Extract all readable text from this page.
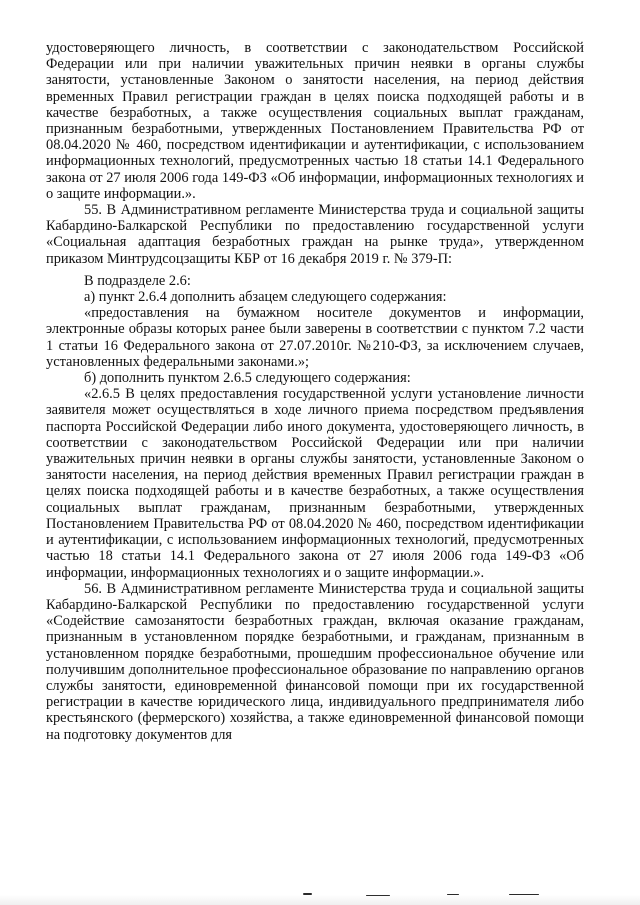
удостоверяющего личность, в соответствии с законодательством Российской Федерации или при наличии уважительных причин неявки в органы службы занятости, установленные Законом о занятости населения, на период действия временных Правил регистрации граждан в целях поиска подходящей работы и в качестве безработных, а также осуществления социальных выплат гражданам, признанным безработными, утвержденных Постановлением Правительства РФ от 08.04.2020 № 460, посредством идентификации и аутентификации, с использованием информационных технологий, предусмотренных частью 18 статьи 14.1 Федерального закона от 27 июля 2006 года 149-ФЗ «Об информации, информационных технологиях и о защите информации.».

55. В Административном регламенте Министерства труда и социальной защиты Кабардино-Балкарской Республики по предоставлению государственной услуги «Социальная адаптация безработных граждан на рынке труда», утвержденном приказом Минтрудсоцзащиты КБР от 16 декабря 2019 г. № 379-П:

В подразделе 2.6:

а) пункт 2.6.4 дополнить абзацем следующего содержания:

«предоставления на бумажном носителе документов и информации, электронные образы которых ранее были заверены в соответствии с пунктом 7.2 части 1 статьи 16 Федерального закона от 27.07.2010г. №210-ФЗ, за исключением случаев, установленных федеральными законами.»;

б) дополнить пунктом 2.6.5 следующего содержания:

«2.6.5 В целях предоставления государственной услуги установление личности заявителя может осуществляться в ходе личного приема посредством предъявления паспорта Российской Федерации либо иного документа, удостоверяющего личность, в соответствии с законодательством Российской Федерации или при наличии уважительных причин неявки в органы службы занятости, установленные Законом о занятости населения, на период действия временных Правил регистрации граждан в целях поиска подходящей работы и в качестве безработных, а также осуществления социальных выплат гражданам, признанным безработными, утвержденных Постановлением Правительства РФ от 08.04.2020 № 460, посредством идентификации и аутентификации, с использованием информационных технологий, предусмотренных частью 18 статьи 14.1 Федерального закона от 27 июля 2006 года 149-ФЗ «Об информации, информационных технологиях и о защите информации.».

56. В Административном регламенте Министерства труда и социальной защиты Кабардино-Балкарской Республики по предоставлению государственной услуги «Содействие самозанятости безработных граждан, включая оказание гражданам, признанным в установленном порядке безработными, и гражданам, признанным в установленном порядке безработными, прошедшим профессиональное обучение или получившим дополнительное профессиональное образование по направлению органов службы занятости, единовременной финансовой помощи при их государственной регистрации в качестве юридического лица, индивидуального предпринимателя либо крестьянского (фермерского) хозяйства, а также единовременной финансовой помощи на подготовку документов для
